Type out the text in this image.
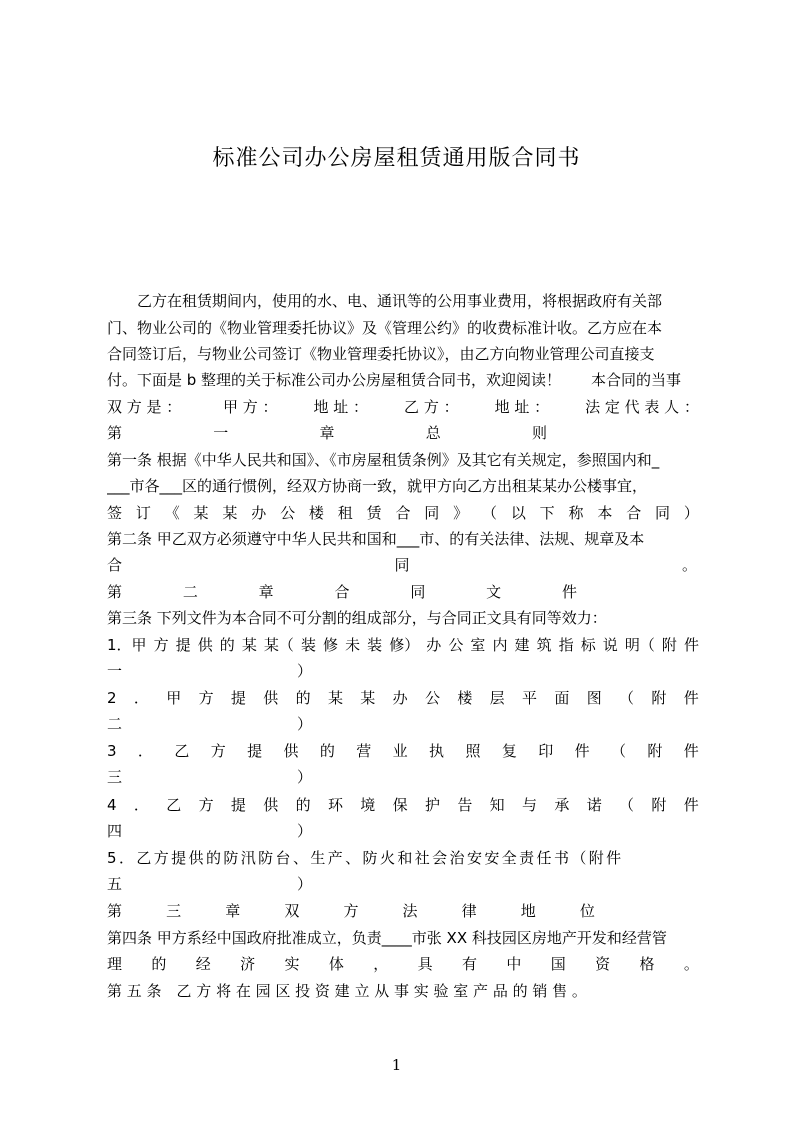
标准公司办公房屋租赁通用版合同书
　　乙方在租赁期间内，使用的水、电、通讯等的公用事业费用，将根据政府有关部
门、物业公司的《物业管理委托协议》及《管理公约》的收费标准计收。乙方应在本
合同签订后，与物业公司签订《物业管理委托协议》，由乙方向物业管理公司直接支
付。下面是 b 整理的关于标准公司办公房屋租赁合同书，欢迎阅读！　　本合同的当事
双 方 是 ：	甲 方 ： 地 址 ： 乙 方 ： 地 址 ： 法 定 代 表 人 ：
第	一	章	总	则
第一条 根据《中华人民共和国》、《市房屋租赁条例》及其它有关规定，参照国内和_
___市各___区的通行惯例，经双方协商一致，就甲方向乙方出租某某办公楼事宜，
签 订 《 某 某 办 公 楼 租 赁 合 同 》 （ 以 下 称 本 合 同 ）
第二条 甲乙双方必须遵守中华人民共和国和___市、的有关法律、法规、规章及本
合	同	。
第	二	章	合	同	文	件
第三条 下列文件为本合同不可分割的组成部分，与合同正文具有同等效力：
1．甲 方 提 供 的 某 某（ 装 修 未 装 修） 办 公 室 内 建 筑 指 标 说 明（ 附 件
一	）
2 ． 甲 方 提 供 的 某 某 办 公 楼 层 平 面 图 （ 附 件
二	）
3 ． 乙 方 提 供 的 营 业 执 照 复 印 件 （ 附 件
三	）
4 ． 乙 方 提 供 的 环 境 保 护 告 知 与 承 诺 （ 附 件
四	）
5．乙方提供的防汛防台、生产、防火和社会治安安全责任书（附件
五	）
第	三	章	双	方	法	律	地	位
第四条 甲方系经中国政府批准成立，负责____市张 XX 科技园区房地产开发和经营管
理 的 经 济 实 体 ， 具 有 中 国 资 格 。
第 五 条　乙 方 将 在 园 区 投 资 建 立 从 事 实 验 室 产 品 的 销 售 。
1
